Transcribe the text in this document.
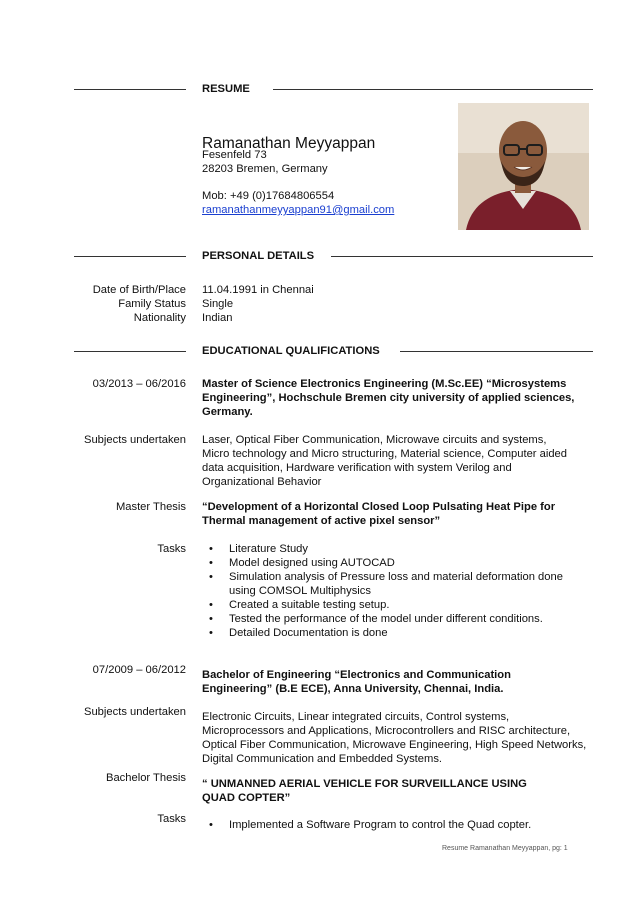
RESUME
Ramanathan Meyyappan
Fesenfeld 73
28203 Bremen, Germany
Mob: +49 (0)17684806554
ramanathanmeyyappan91@gmail.com
PERSONAL DETAILS
Date of Birth/Place 11.04.1991 in Chennai
Family Status Single
Nationality Indian
EDUCATIONAL QUALIFICATIONS
03/2013 – 06/2016 Master of Science Electronics Engineering (M.Sc.EE) “Microsystems Engineering”, Hochschule Bremen city university of applied sciences, Germany.
Subjects undertaken Laser, Optical Fiber Communication, Microwave circuits and systems, Micro technology and Micro structuring, Material science, Computer aided data acquisition, Hardware verification with system Verilog and Organizational Behavior
Master Thesis “Development of a Horizontal Closed Loop Pulsating Heat Pipe for Thermal management of active pixel sensor”
Tasks	• Literature Study
• Model designed using AUTOCAD
• Simulation analysis of Pressure loss and material deformation done using COMSOL Multiphysics
• Created a suitable testing setup.
• Tested the performance of the model under different conditions.
• Detailed Documentation is done
07/2009 – 06/2012 Bachelor of Engineering “Electronics and Communication Engineering” (B.E ECE), Anna University, Chennai, India.
Subjects undertaken Electronic Circuits, Linear integrated circuits, Control systems, Microprocessors and Applications, Microcontrollers and RISC architecture, Optical Fiber Communication, Microwave Engineering, High Speed Networks, Digital Communication and Embedded Systems.
Bachelor Thesis “ UNMANNED AERIAL VEHICLE FOR SURVEILLANCE USING QUAD COPTER”
Tasks	• Implemented a Software Program to control the Quad copter.
Resume Ramanathan Meyyappan, pg: 1
